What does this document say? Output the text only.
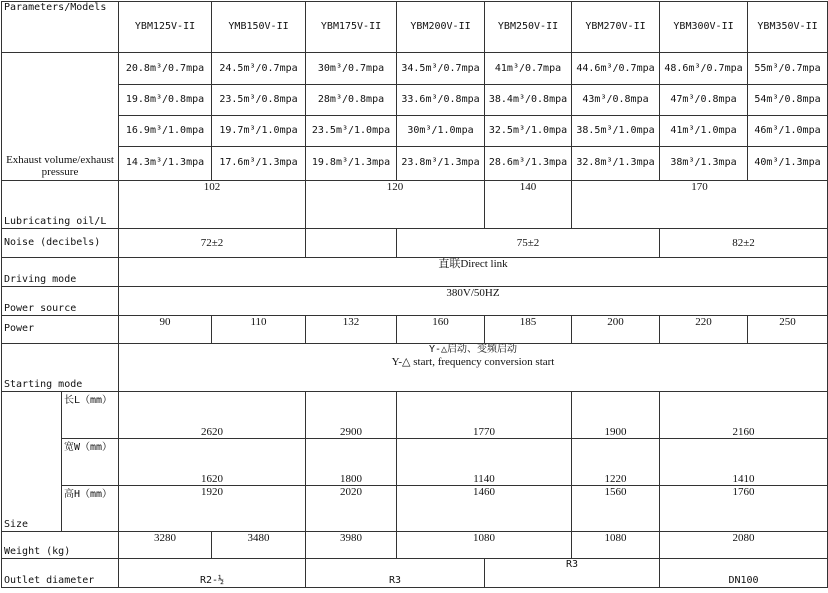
Parameters/Models		YBM125V-II	YMB150V-II	YBM175V-II	YBM200V-II	YBM250V-II	YBM270V-II	YBM300V-II	YBM350V-II
Exhaust volume/exhaust pressure		20.8m³/0.7mpa	24.5m³/0.7mpa	30m³/0.7mpa	34.5m³/0.7mpa	41m³/0.7mpa	44.6m³/0.7mpa	48.6m³/0.7mpa	55m³/0.7mpa
		19.8m³/0.8mpa	23.5m³/0.8mpa	28m³/0.8mpa	33.6m³/0.8mpa	38.4m³/0.8mpa	43m³/0.8mpa	47m³/0.8mpa	54m³/0.8mpa
		16.9m³/1.0mpa	19.7m³/1.0mpa	23.5m³/1.0mpa	30m³/1.0mpa	32.5m³/1.0mpa	38.5m³/1.0mpa	41m³/1.0mpa	46m³/1.0mpa
		14.3m³/1.3mpa	17.6m³/1.3mpa	19.8m³/1.3mpa	23.8m³/1.3mpa	28.6m³/1.3mpa	32.8m³/1.3mpa	38m³/1.3mpa	40m³/1.3mpa
Lubricating oil/L		102		120		140	170		
Noise (decibels)		72±2			75±2			82±2	
Driving mode		直联Direct link							
Power source		380V/50HZ							
Power		90	110	132	160	185	200	220	250
Starting mode		Y-△启动、变频启动
Y-△ start, frequency conversion start							

Size	长L（mm）	2620		2900	1770		1900	2160	
	宽W（mm）	1620		1800	1140		1220	1410	
	高H（mm）	1920		2020	1460		1560	1760	
Weight (kg)		3280	3480	3980	1080		1080	2080	
Outlet diameter		R2-½		R3		R3		DN100	
